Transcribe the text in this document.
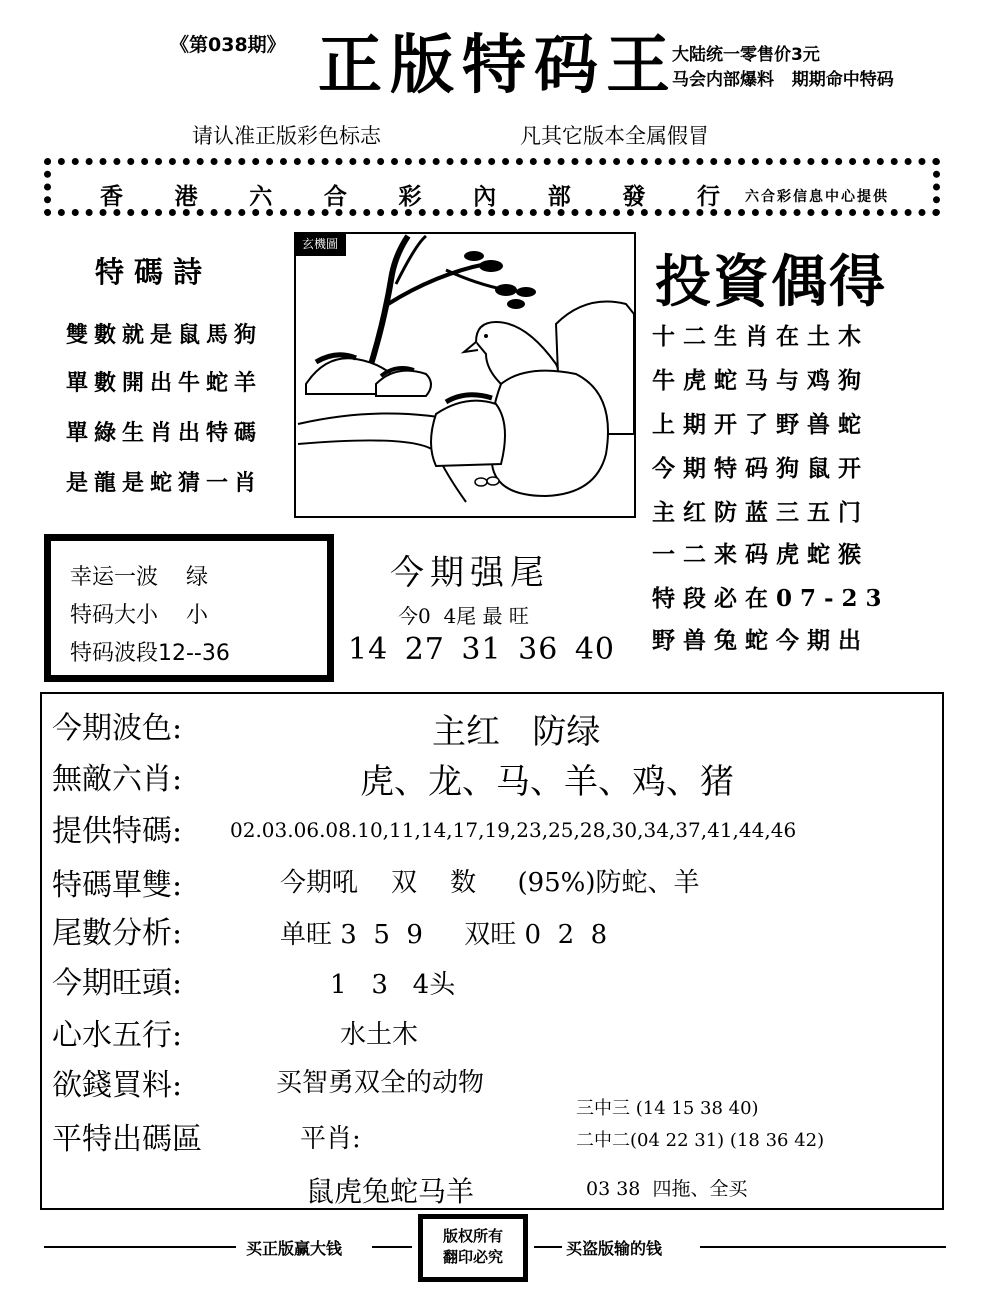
《第038期》 正版特码王
大陆统一零售价3元
马会内部爆料   期期命中特码
请认准正版彩色标志	凡其它版本全属假冒
香 港 六 合 彩 內 部 發 行 六合彩信息中心提供
特碼詩
雙數就是鼠馬狗
單數開出牛蛇羊
單綠生肖出特碼
是龍是蛇猜一肖
玄機圖
投資偶得
十二生肖在土木
牛虎蛇马与鸡狗
上期开了野兽蛇
今期特码狗鼠开
主红防蓝三五门
一二来码虎蛇猴
特段必在07-23
野兽兔蛇今期出
幸运一波    绿
特码大小    小
特码波段12--36
今期强尾
今0  4尾 最 旺
14 27 31 36 40
今期波色:	主红   防绿
無敵六肖:	虎、龙、马、羊、鸡、猪
提供特碼: 02.03.06.08.10,11,14,17,19,23,25,28,30,34,37,41,44,46
特碼單雙:	今期吼    双    数     (95%)防蛇、羊
尾數分析:	单旺 3  5  9     双旺 0  2  8
今期旺頭:	1   3   4头
心水五行:	水土木
欲錢買料:	买智勇双全的动物
平特出碼區	平肖:
三中三 (14 15 38 40)
二中二(04 22 31) (18 36 42)
鼠虎兔蛇马羊	03 38  四拖、全买
买正版赢大钱
版权所有
翻印必究	买盗版输的钱
